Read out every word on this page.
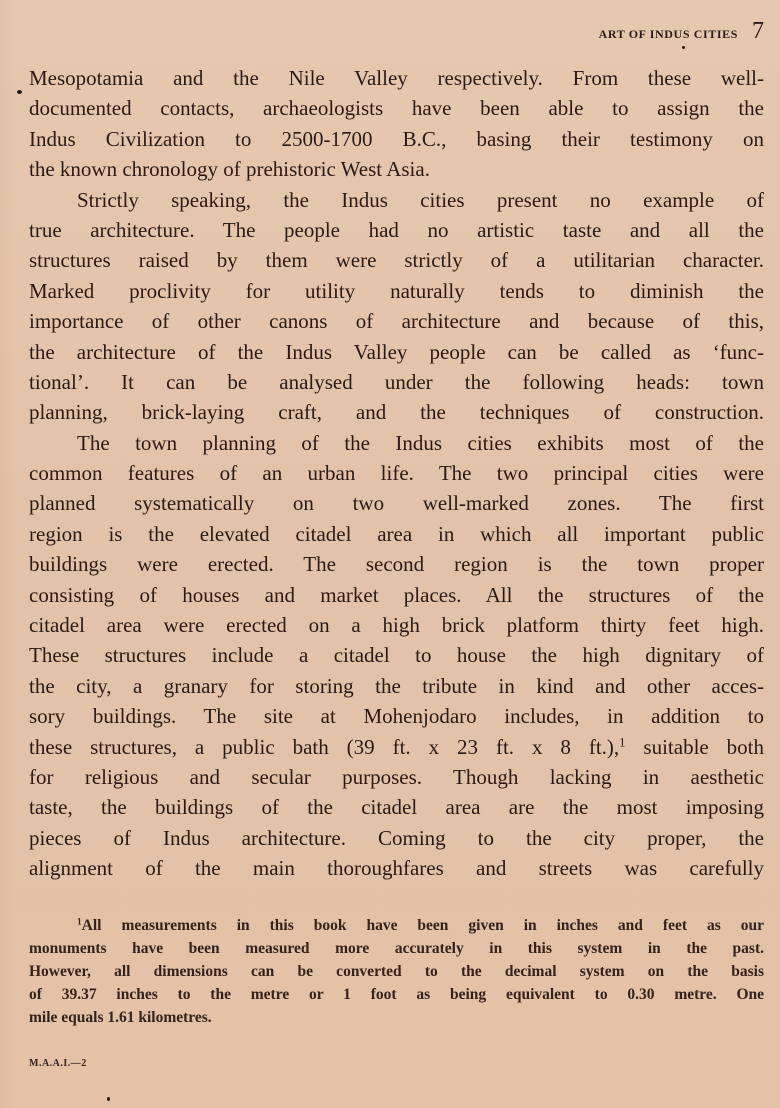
ART OF INDUS CITIES 7
Mesopotamia and the Nile Valley respectively. From these well-
documented contacts, archaeologists have been able to assign the
Indus Civilization to 2500-1700 B.C., basing their testimony on
the known chronology of prehistoric West Asia.
Strictly speaking, the Indus cities present no example of
true architecture. The people had no artistic taste and all the
structures raised by them were strictly of a utilitarian character.
Marked proclivity for utility naturally tends to diminish the
importance of other canons of architecture and because of this,
the architecture of the Indus Valley people can be called as ‘func-
tional’. It can be analysed under the following heads: town
planning, brick-laying craft, and the techniques of construction.
The town planning of the Indus cities exhibits most of the
common features of an urban life. The two principal cities were
planned systematically on two well-marked zones. The first
region is the elevated citadel area in which all important public
buildings were erected. The second region is the town proper
consisting of houses and market places. All the structures of the
citadel area were erected on a high brick platform thirty feet high.
These structures include a citadel to house the high dignitary of
the city, a granary for storing the tribute in kind and other acces-
sory buildings. The site at Mohenjodaro includes, in addition to
these structures, a public bath (39 ft. x 23 ft. x 8 ft.),$^1$ suitable both
for religious and secular purposes. Though lacking in aesthetic
taste, the buildings of the citadel area are the most imposing
pieces of Indus architecture. Coming to the city proper, the
alignment of the main thoroughfares and streets was carefully
$^1$All measurements in this book have been given in inches and feet as our
monuments have been measured more accurately in this system in the past.
However, all dimensions can be converted to the decimal system on the basis
of 39.37 inches to the metre or 1 foot as being equivalent to 0.30 metre. One
mile equals 1.61 kilometres.
M.A.A.I.—2
